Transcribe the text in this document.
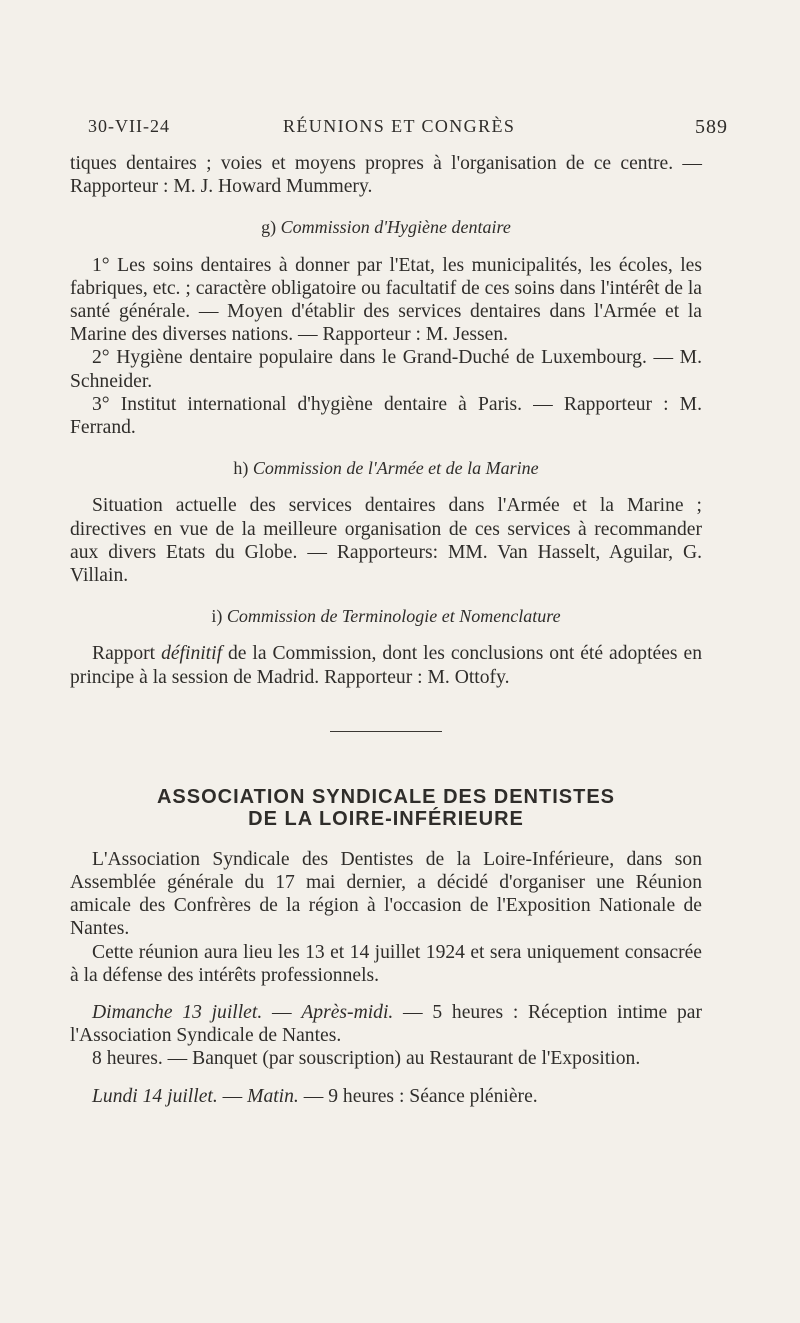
30-VII-24	RÉUNIONS ET CONGRÈS	589

tiques dentaires ; voies et moyens propres à l'organisation de ce centre. — Rapporteur : M. J. Howard Mummery.

g) Commission d'Hygiène dentaire

1° Les soins dentaires à donner par l'Etat, les municipalités, les écoles, les fabriques, etc. ; caractère obligatoire ou facultatif de ces soins dans l'intérêt de la santé générale. — Moyen d'établir des services dentaires dans l'Armée et la Marine des diverses nations. — Rapporteur : M. Jessen.

2° Hygiène dentaire populaire dans le Grand-Duché de Luxembourg. — M. Schneider.

3° Institut international d'hygiène dentaire à Paris. — Rapporteur : M. Ferrand.

h) Commission de l'Armée et de la Marine

Situation actuelle des services dentaires dans l'Armée et la Marine ; directives en vue de la meilleure organisation de ces services à recommander aux divers Etats du Globe. — Rapporteurs: MM. Van Hasselt, Aguilar, G. Villain.

i) Commission de Terminologie et Nomenclature

Rapport définitif de la Commission, dont les conclusions ont été adoptées en principe à la session de Madrid. Rapporteur : M. Ottofy.

ASSOCIATION SYNDICALE DES DENTISTES
DE LA LOIRE-INFÉRIEURE

L'Association Syndicale des Dentistes de la Loire-Inférieure, dans son Assemblée générale du 17 mai dernier, a décidé d'organiser une Réunion amicale des Confrères de la région à l'occasion de l'Exposition Nationale de Nantes.

Cette réunion aura lieu les 13 et 14 juillet 1924 et sera uniquement consacrée à la défense des intérêts professionnels.

Dimanche 13 juillet. — Après-midi. — 5 heures : Réception intime par l'Association Syndicale de Nantes.

8 heures. — Banquet (par souscription) au Restaurant de l'Exposition.

Lundi 14 juillet. — Matin. — 9 heures : Séance plénière.
